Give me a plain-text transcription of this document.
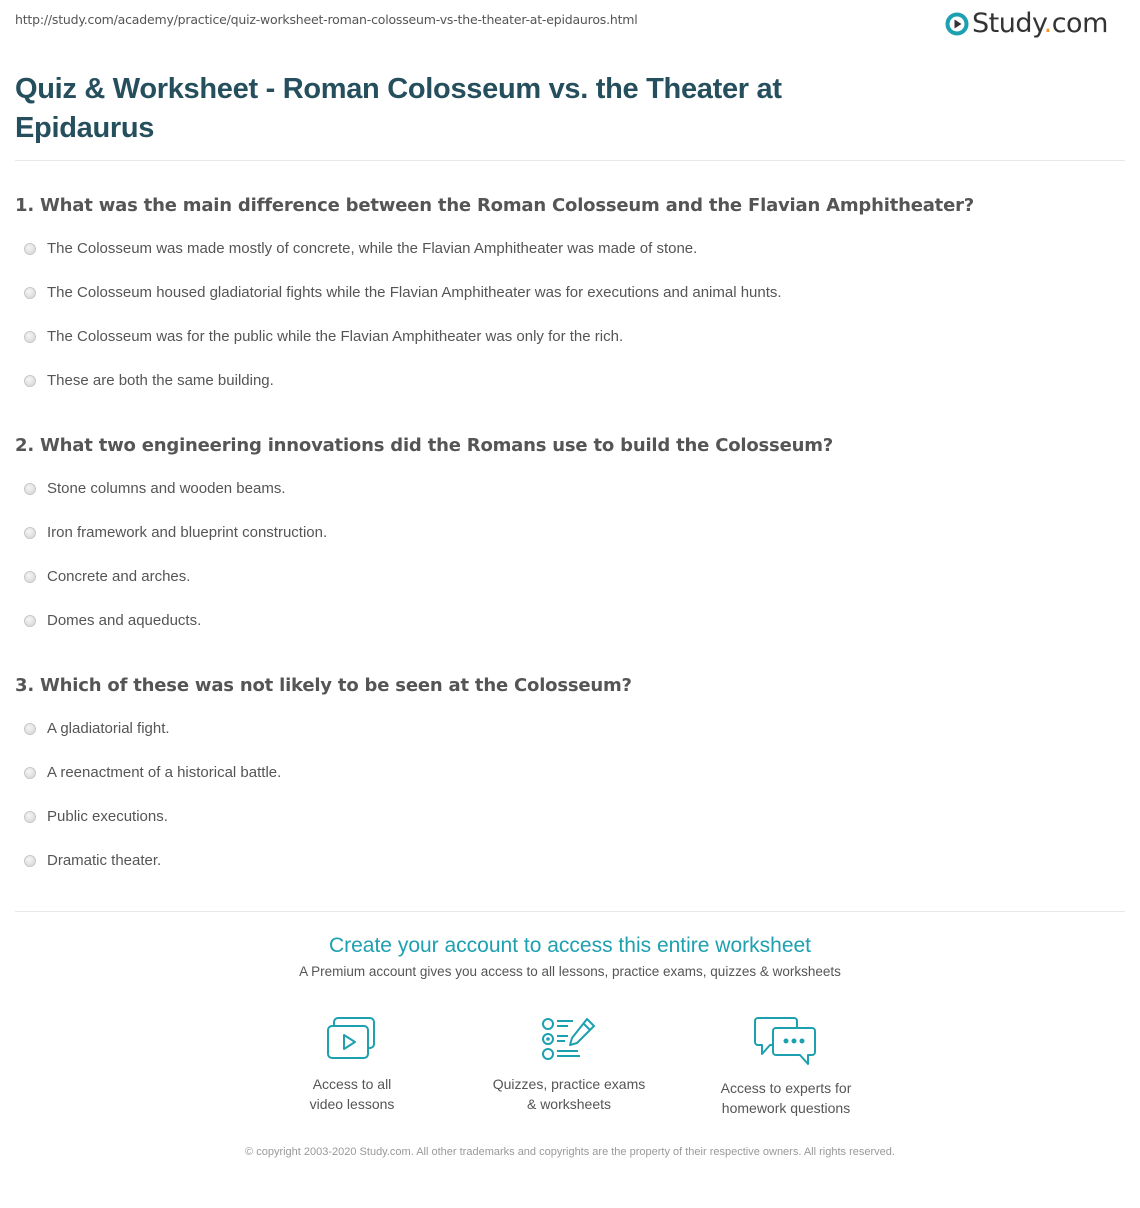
http://study.com/academy/practice/quiz-worksheet-roman-colosseum-vs-the-theater-at-epidauros.html	Study.com
Quiz & Worksheet - Roman Colosseum vs. the Theater at Epidaurus
1. What was the main difference between the Roman Colosseum and the Flavian Amphitheater?
The Colosseum was made mostly of concrete, while the Flavian Amphitheater was made of stone.
The Colosseum housed gladiatorial fights while the Flavian Amphitheater was for executions and animal hunts.
The Colosseum was for the public while the Flavian Amphitheater was only for the rich.
These are both the same building.
2. What two engineering innovations did the Romans use to build the Colosseum?
Stone columns and wooden beams.
Iron framework and blueprint construction.
Concrete and arches.
Domes and aqueducts.
3. Which of these was not likely to be seen at the Colosseum?
A gladiatorial fight.
A reenactment of a historical battle.
Public executions.
Dramatic theater.
Create your account to access this entire worksheet
A Premium account gives you access to all lessons, practice exams, quizzes & worksheets
Access to all
video lessons
Quizzes, practice exams
& worksheets
Access to experts for
homework questions
© copyright 2003-2020 Study.com. All other trademarks and copyrights are the property of their respective owners. All rights reserved.
